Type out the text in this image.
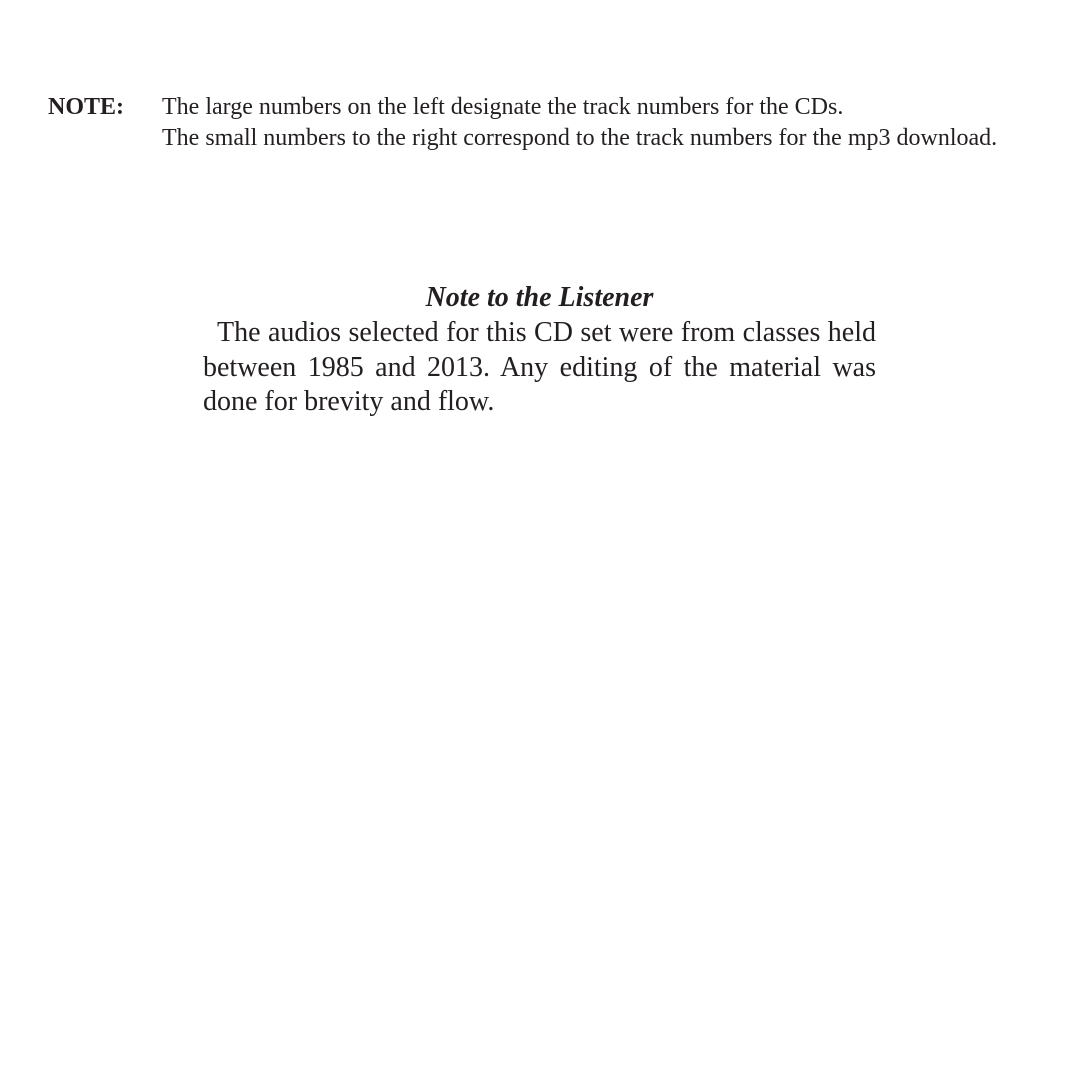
NOTE: The large numbers on the left designate the track numbers for the CDs.
The small numbers to the right correspond to the track numbers for the mp3 download.
Note to the Listener

The audios selected for this CD set were from classes held between 1985 and 2013. Any editing of the material was done for brevity and flow.
